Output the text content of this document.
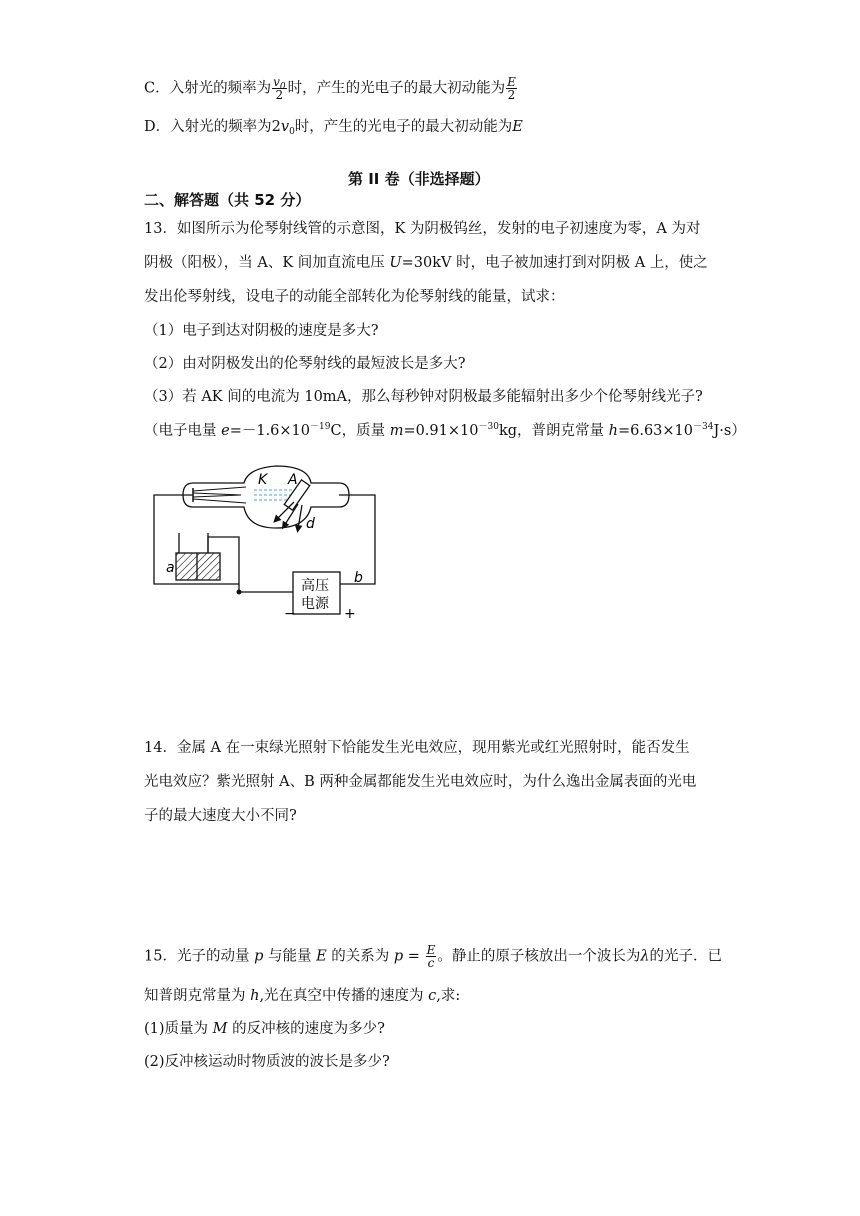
C．入射光的频率为 $\frac{v_0}{2}$ 时，产生的光电子的最大初动能为 $\frac{E}{2}$
D．入射光的频率为$2v_0$时，产生的光电子的最大初动能为E
第 II 卷（非选择题）
二、解答题（共 52 分）
13．如图所示为伦琴射线管的示意图，K 为阴极钨丝，发射的电子初速度为零，A 为对
阴极（阳极），当 A、K 间加直流电压 U=30kV 时，电子被加速打到对阴极 A 上，使之
发出伦琴射线，设电子的动能全部转化为伦琴射线的能量，试求：
（1）电子到达对阴极的速度是多大?
（2）由对阴极发出的伦琴射线的最短波长是多大?
（3）若 AK 间的电流为 10mA，那么每秒钟对阴极最多能辐射出多少个伦琴射线光子?
（电子电量 $e=-1.6\times 10^{-19}C$，质量 $m=0.91\times 10^{-30}kg$，普朗克常量 $h=6.63\times 10^{-34}J\cdot s$）
K A
d
a
b
高压
电源
−	+
14．金属 A 在一束绿光照射下恰能发生光电效应，现用紫光或红光照射时，能否发生
光电效应？紫光照射 A、B 两种金属都能发生光电效应时，为什么逸出金属表面的光电
子的最大速度大小不同?
15．光子的动量 p 与能量 E 的关系为 $p = \frac{E}{c}$ 。静止的原子核放出一个波长为λ的光子．已
知普朗克常量为 h,光在真空中传播的速度为 c,求:
(1)质量为 M 的反冲核的速度为多少?
(2)反冲核运动时物质波的波长是多少?
